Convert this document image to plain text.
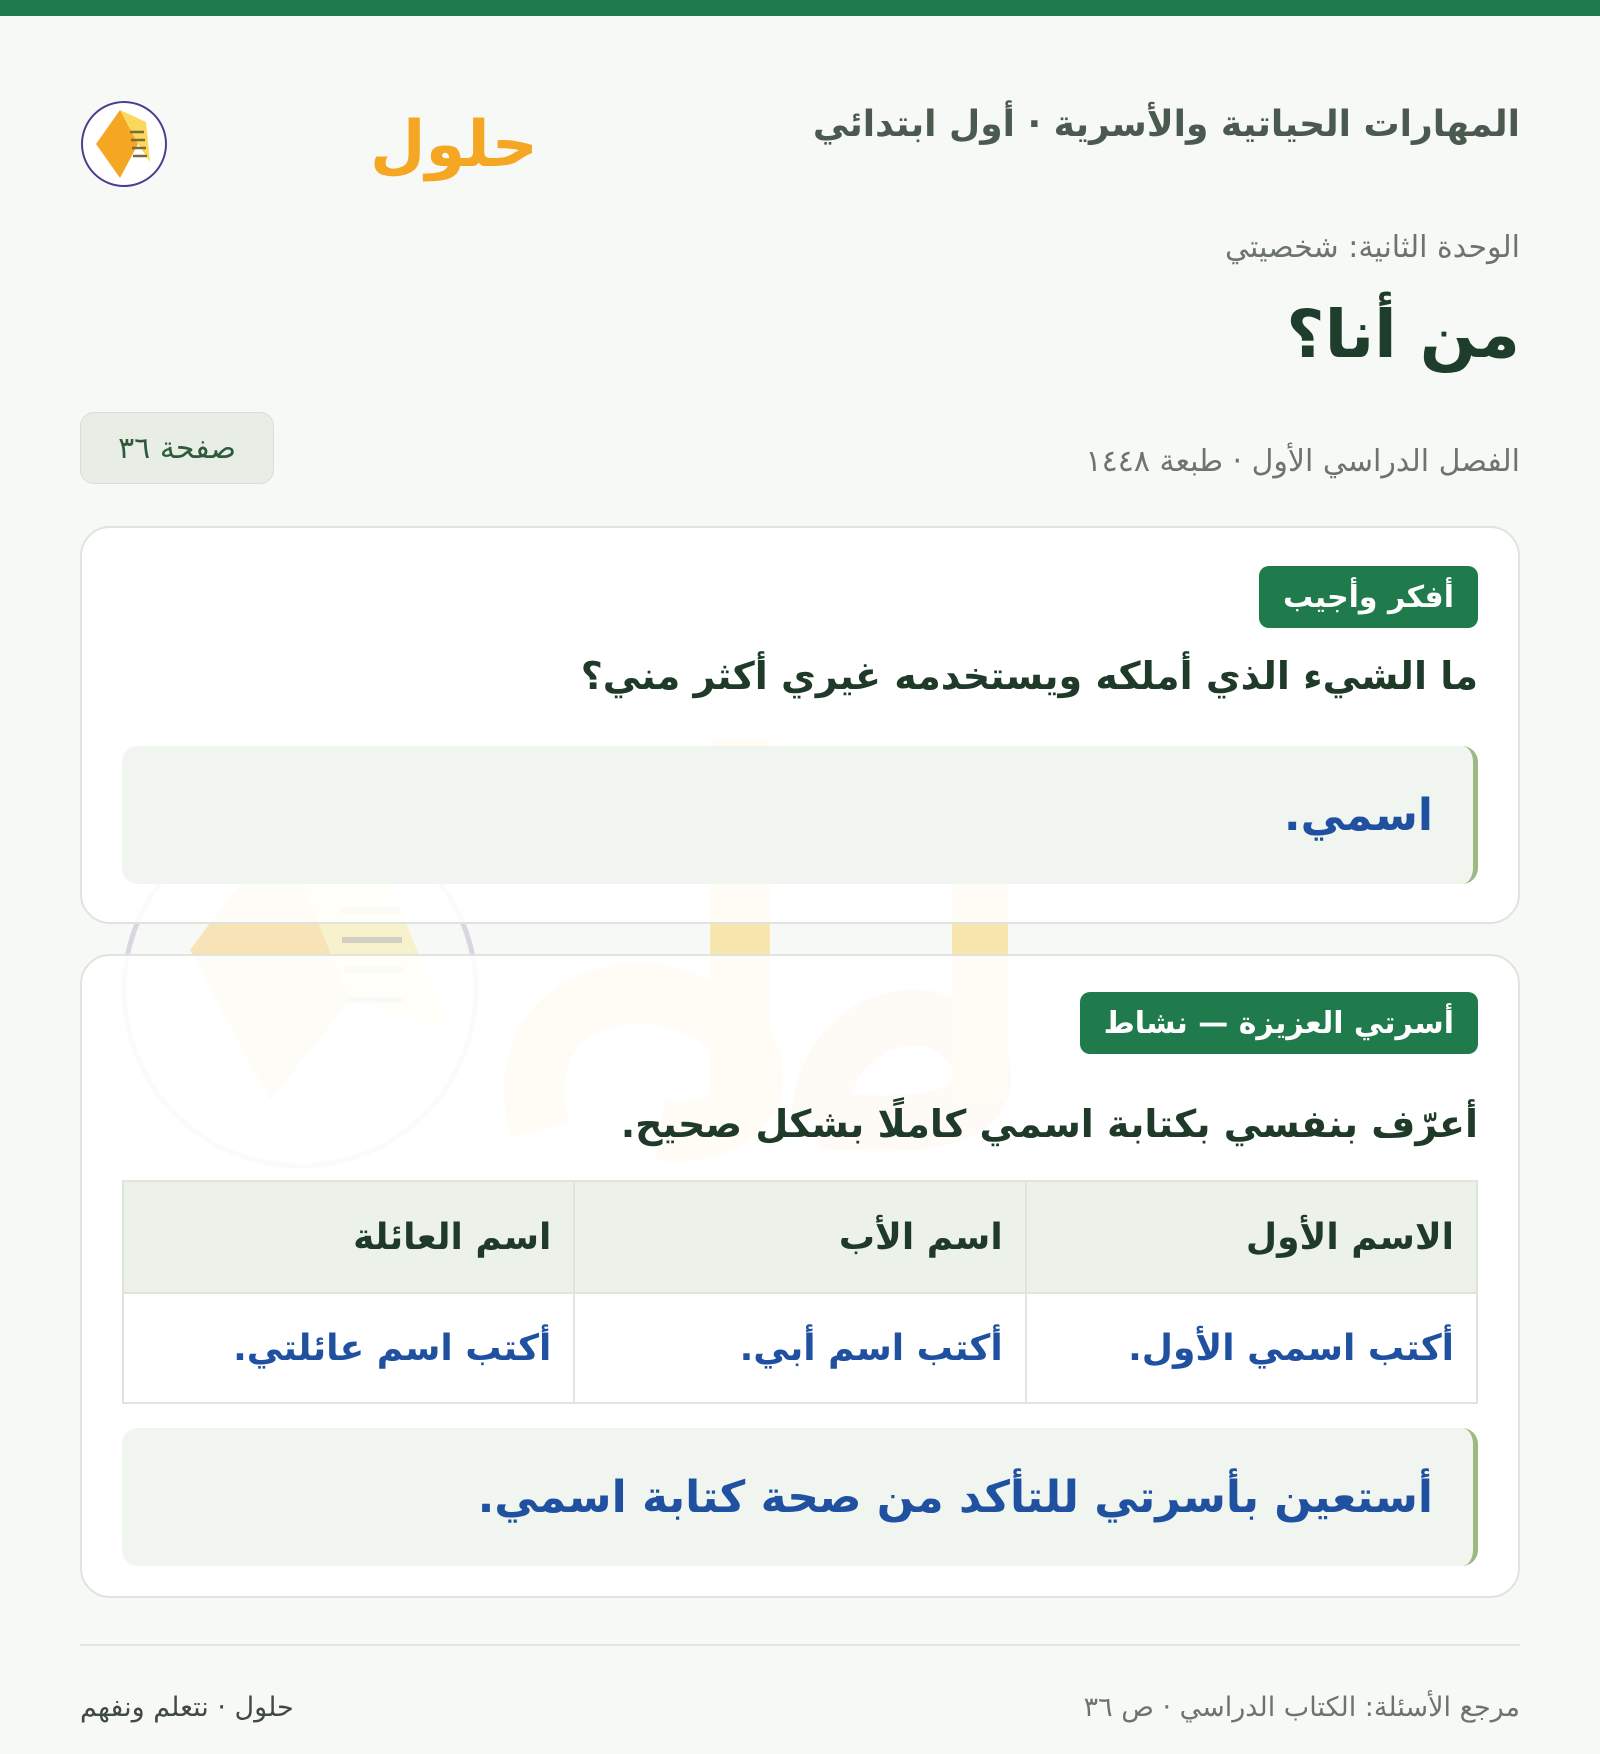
المهارات الحياتية والأسرية · أول ابتدائي
حلول
الوحدة الثانية: شخصيتي
من أنا؟
الفصل الدراسي الأول · طبعة ١٤٤٨
صفحة ٣٦
أفكر وأجيب
ما الشيء الذي أملكه ويستخدمه غيري أكثر مني؟
اسمي.
أسرتي العزيزة — نشاط
أعرّف بنفسي بكتابة اسمي كاملًا بشكل صحيح.
الاسم الأول	اسم الأب	اسم العائلة
أكتب اسمي الأول.	أكتب اسم أبي.	أكتب اسم عائلتي.
أستعين بأسرتي للتأكد من صحة كتابة اسمي.
مرجع الأسئلة: الكتاب الدراسي · ص ٣٦
حلول · نتعلم ونفهم
